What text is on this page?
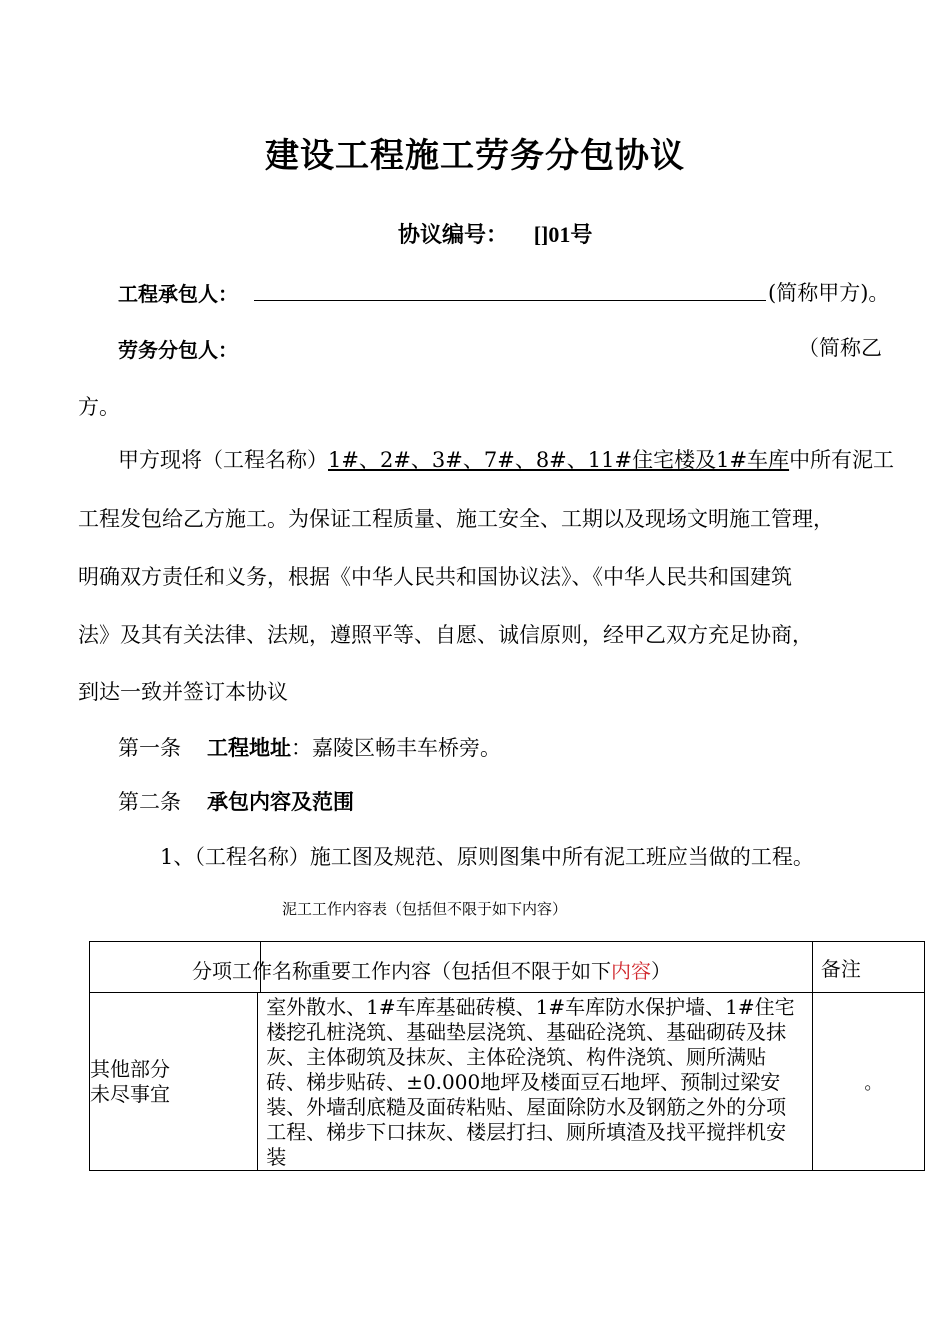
建设工程施工劳务分包协议
协议编号： []01号
工程承包人：	(简称甲方)。
劳务分包人：	（简称乙
方。
甲方现将（工程名称）1#、2#、3#、7#、8#、11#住宅楼及1#车库中所有泥工
工程发包给乙方施工。为保证工程质量、施工安全、工期以及现场文明施工管理，
明确双方责任和义务，根据《中华人民共和国协议法》、《中华人民共和国建筑
法》及其有关法律、法规，遵照平等、自愿、诚信原则，经甲乙双方充足协商，
到达一致并签订本协议
第一条 工程地址：嘉陵区畅丰车桥旁。
第二条 承包内容及范围
1、（工程名称）施工图及规范、原则图集中所有泥工班应当做的工程。
泥工工作内容表（包括但不限于如下内容）
分项工作名称 重要工作内容（包括但不限于如下内容）		备注

其他部分
未尽事宜	室外散水、1#车库基础砖模、1#车库防水保护墙、1#住宅楼挖孔桩浇筑、基础垫层浇筑、基础砼浇筑、基础砌砖及抹灰、主体砌筑及抹灰、主体砼浇筑、构件浇筑、厕所满贴砖、梯步贴砖、±0.000地坪及楼面豆石地坪、预制过梁安装、外墙刮底糙及面砖粘贴、屋面除防水及钢筋之外的分项工程、梯步下口抹灰、楼层打扫、厕所填渣及找平搅拌机安装	。
